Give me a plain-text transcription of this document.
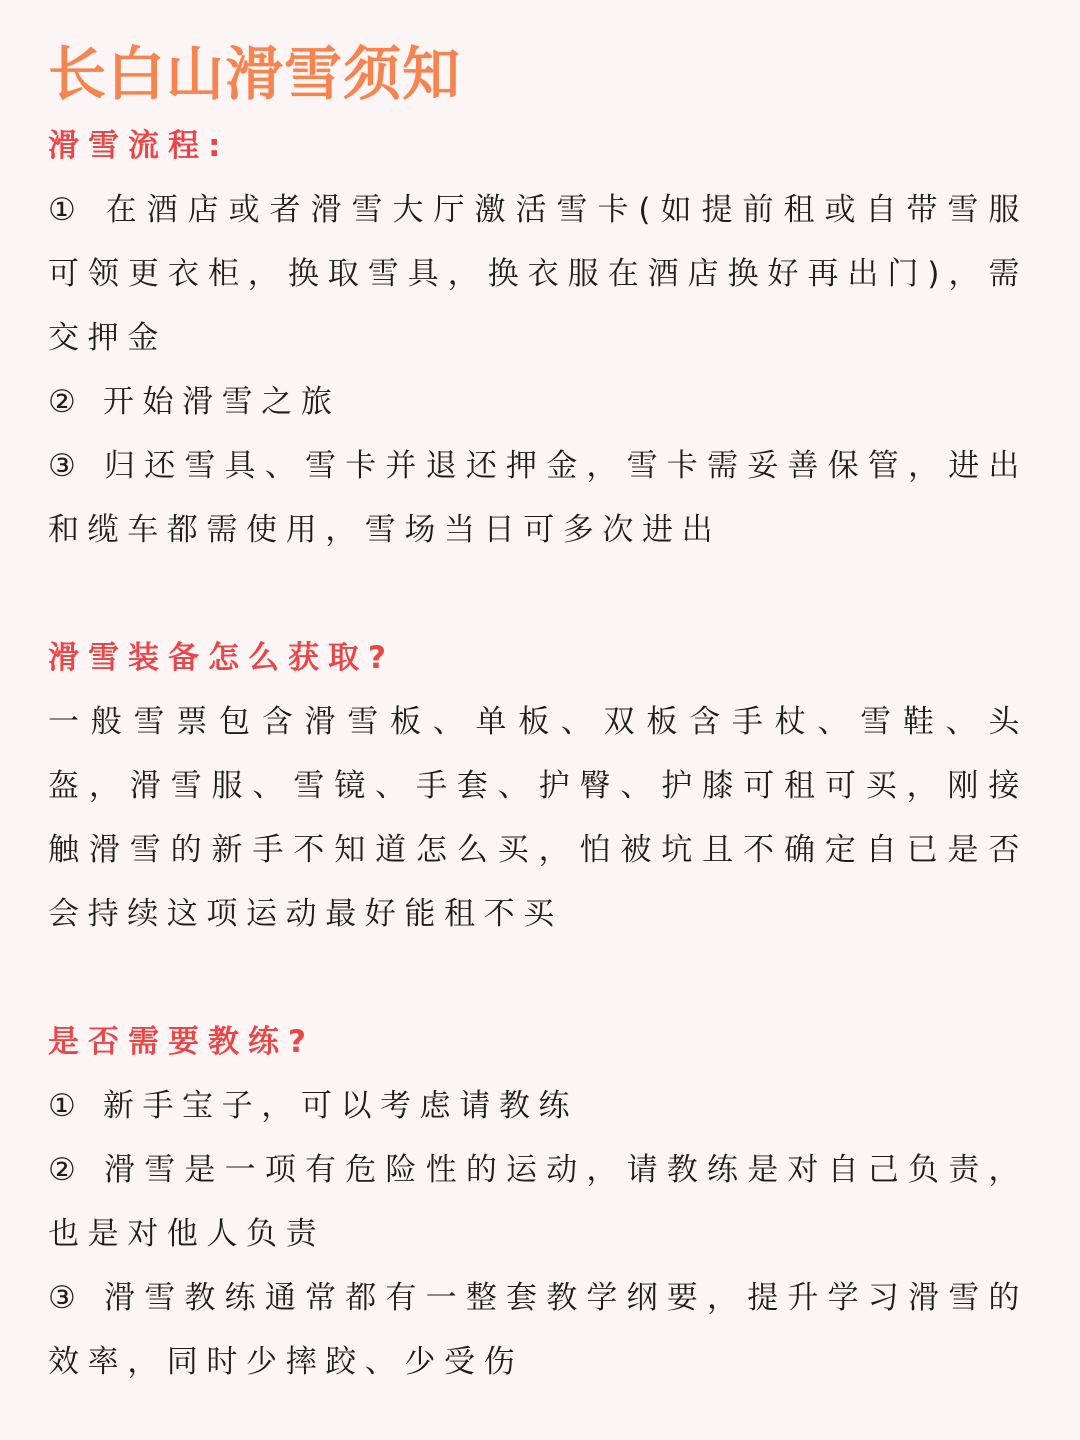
长白山滑雪须知
滑雪流程:

① 在酒店或者滑雪大厅激活雪卡(如提前租或自带雪服可领更衣柜，换取雪具，换衣服在酒店换好再出门)，需交押金

② 开始滑雪之旅

③ 归还雪具、雪卡并退还押金，雪卡需妥善保管，进出和缆车都需使用，雪场当日可多次进出

滑雪装备怎么获取?

一般雪票包含滑雪板、单板、双板含手杖、雪鞋、头盔，滑雪服、雪镜、手套、护臀、护膝可租可买，刚接触滑雪的新手不知道怎么买，怕被坑且不确定自已是否会持续这项运动最好能租不买

是否需要教练?

① 新手宝子，可以考虑请教练

② 滑雪是一项有危险性的运动，请教练是对自己负责，也是对他人负责

③ 滑雪教练通常都有一整套教学纲要，提升学习滑雪的效率，同时少摔跤、少受伤
